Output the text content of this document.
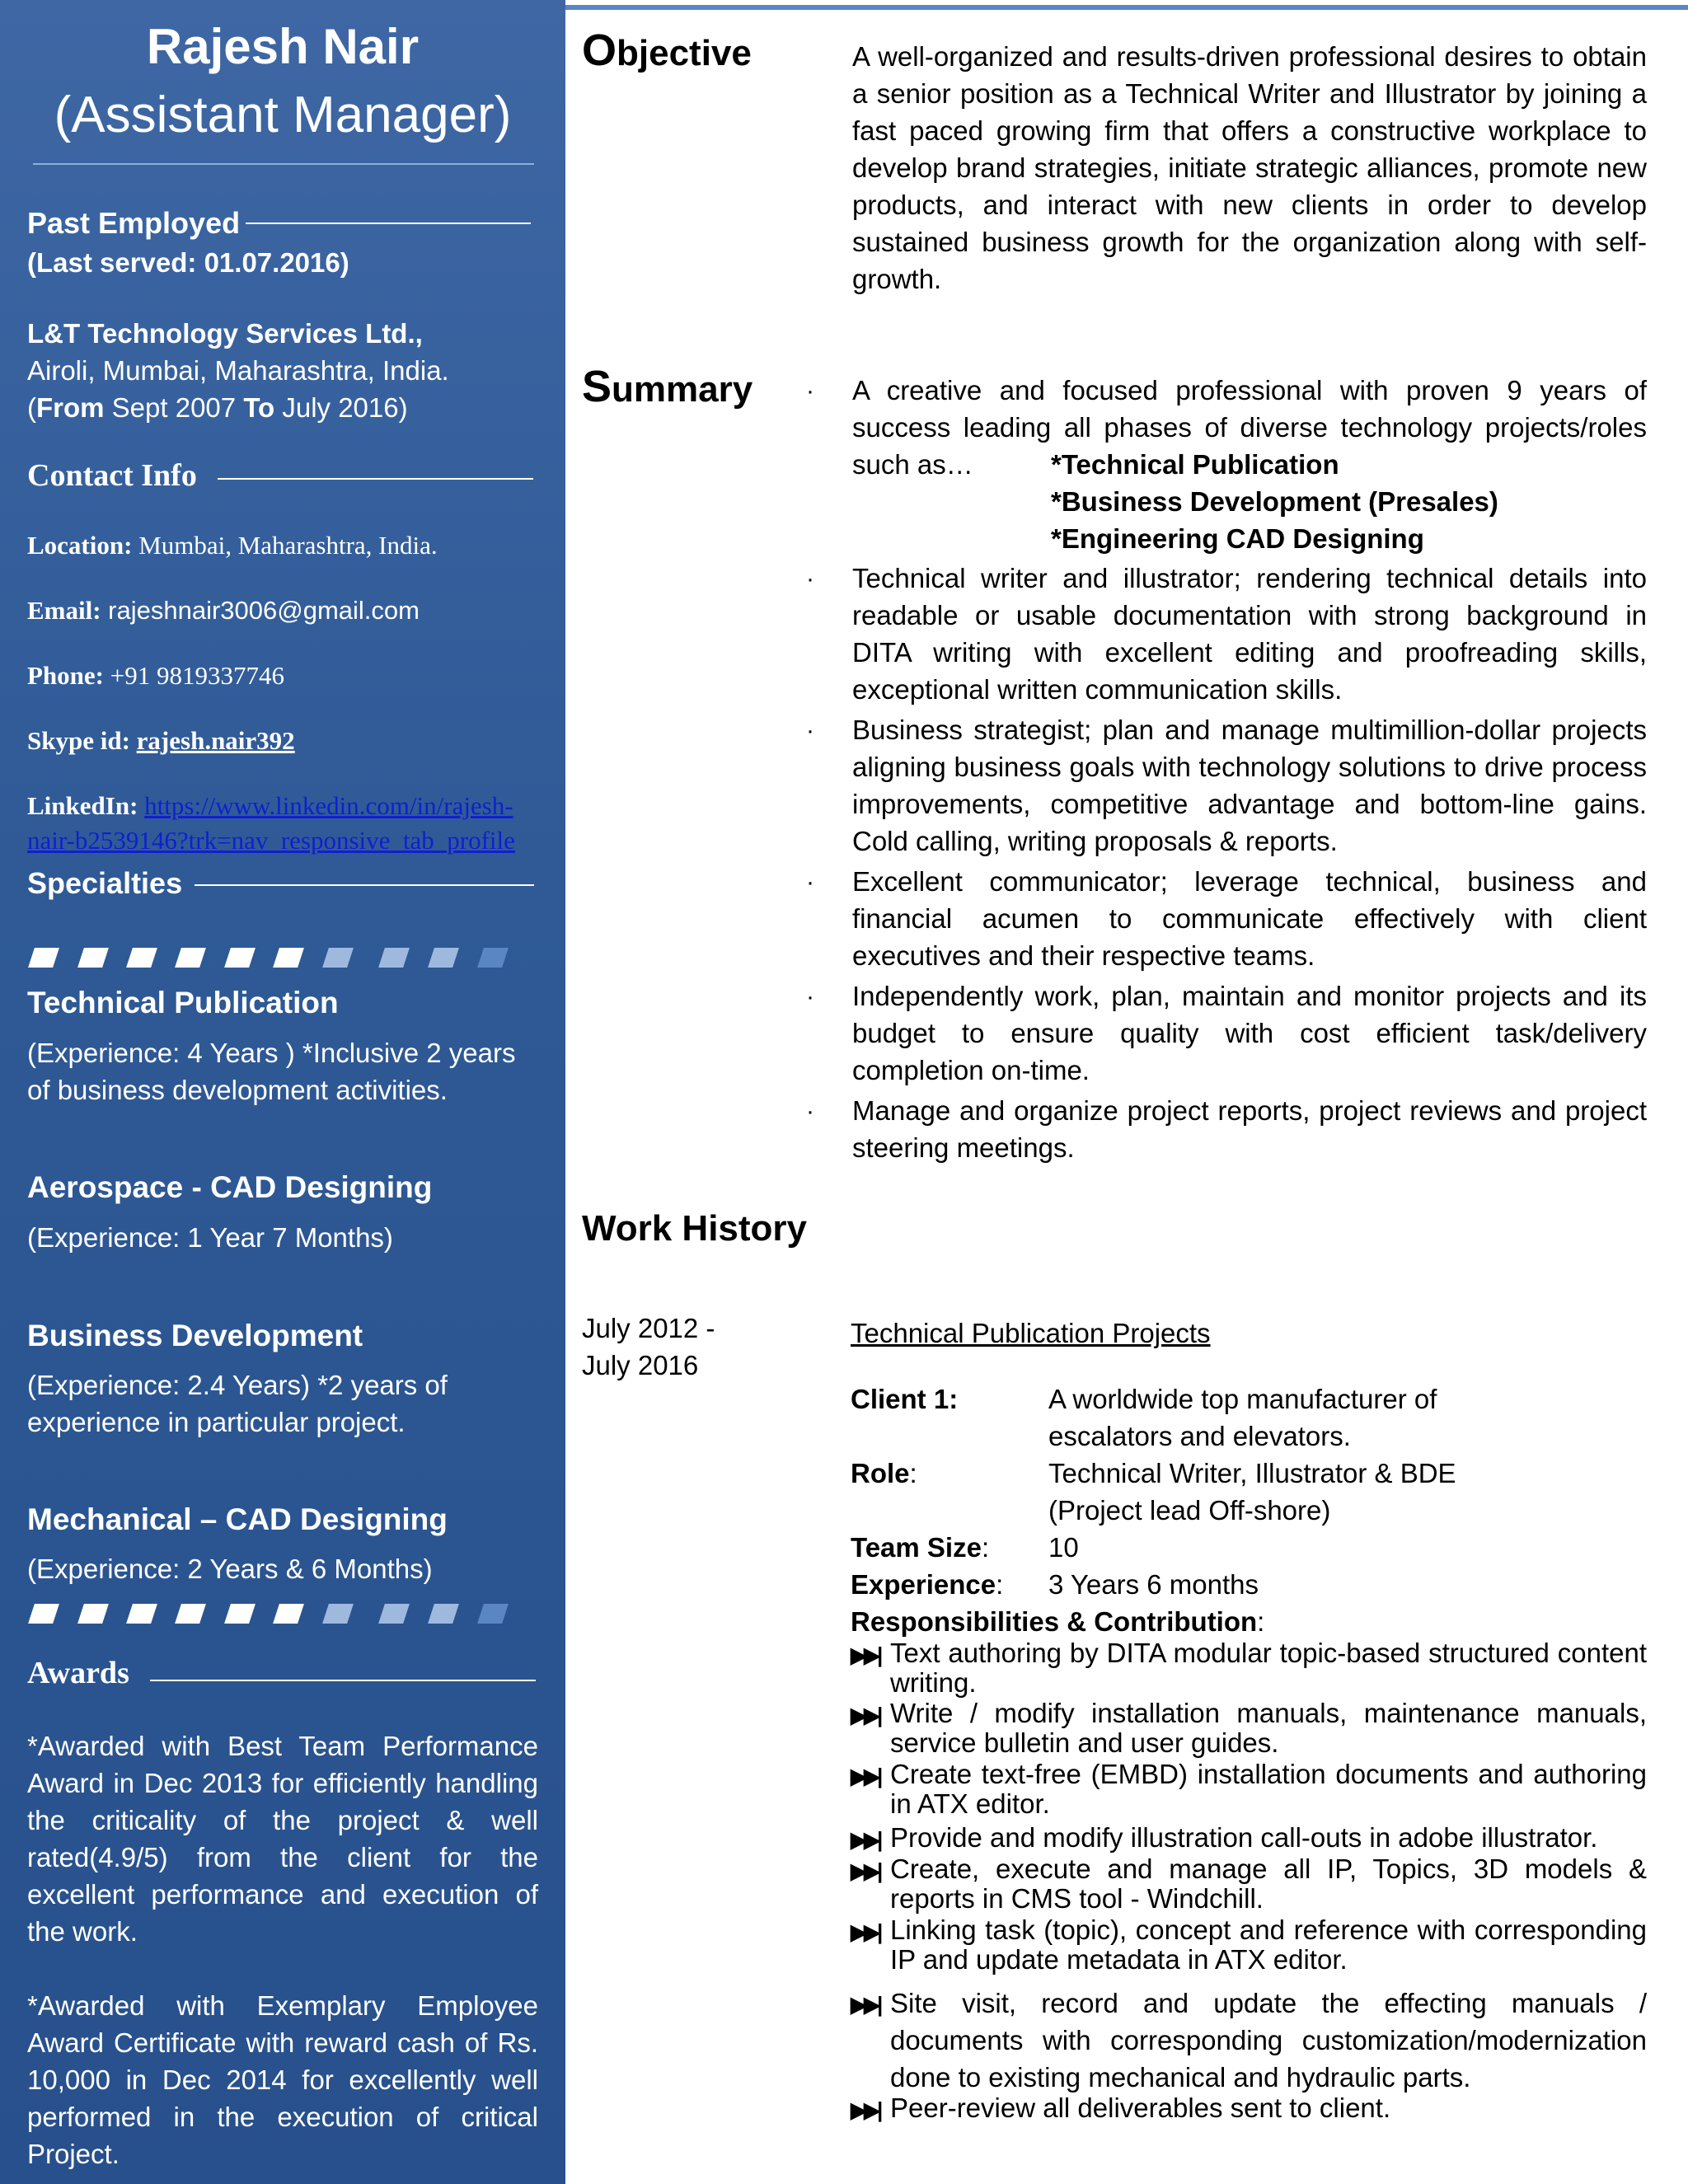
Rajesh Nair
(Assistant Manager)
Past Employed
(Last served: 01.07.2016)
L&T Technology Services Ltd.,
Airoli, Mumbai, Maharashtra, India.
(From Sept 2007 To July 2016)
Contact Info
Location: Mumbai, Maharashtra, India.
Email: rajeshnair3006@gmail.com
Phone: +91 9819337746
Skype id: rajesh.nair392
LinkedIn: https://www.linkedin.com/in/rajesh-
nair-b2539146?trk=nav_responsive_tab_profile
Specialties
Technical Publication
(Experience: 4 Years ) *Inclusive 2 years
of business development activities.
Aerospace - CAD Designing
(Experience: 1 Year 7 Months)
Business Development
(Experience: 2.4 Years) *2 years of
experience in particular project.
Mechanical – CAD Designing
(Experience: 2 Years & 6 Months)
Awards
*Awarded with Best Team Performance Award in Dec 2013 for efficiently handling the criticality of the project & well rated(4.9/5) from the client for the excellent performance and execution of the work.
*Awarded with Exemplary Employee Award Certificate with reward cash of Rs. 10,000 in Dec 2014 for excellently well performed in the execution of critical Project.
Objective	A well-organized and results-driven professional desires to obtain a senior position as a Technical Writer and Illustrator by joining a fast paced growing firm that offers a constructive workplace to develop brand strategies, initiate strategic alliances, promote new products, and interact with new clients in order to develop sustained business growth for the organization along with self-growth.
Summary · A creative and focused professional with proven 9 years of success leading all phases of diverse technology projects/roles such as…	*Technical Publication
*Business Development (Presales)
*Engineering CAD Designing
· Technical writer and illustrator; rendering technical details into readable or usable documentation with strong background in DITA writing with excellent editing and proofreading skills, exceptional written communication skills.
· Business strategist; plan and manage multimillion-dollar projects aligning business goals with technology solutions to drive process improvements, competitive advantage and bottom-line gains. Cold calling, writing proposals & reports.
· Excellent communicator; leverage technical, business and financial acumen to communicate effectively with client executives and their respective teams.
· Independently work, plan, maintain and monitor projects and its budget to ensure quality with cost efficient task/delivery completion on-time.
· Manage and organize project reports, project reviews and project steering meetings.
Work History
July 2012 -
July 2016
Technical Publication Projects
Client 1:	A worldwide top manufacturer of
escalators and elevators.
Role:	Technical Writer, Illustrator & BDE
(Project lead Off-shore)
Team Size: 10
Experience: 3 Years 6 months
Responsibilities & Contribution:
▶▶| Text authoring by DITA modular topic-based structured content writing.
▶▶| Write / modify installation manuals, maintenance manuals, service bulletin and user guides.
▶▶| Create text-free (EMBD) installation documents and authoring in ATX editor.
▶▶| Provide and modify illustration call-outs in adobe illustrator.
▶▶| Create, execute and manage all IP, Topics, 3D models & reports in CMS tool - Windchill.
▶▶| Linking task (topic), concept and reference with corresponding IP and update metadata in ATX editor.
▶▶| Site visit, record and update the effecting manuals / documents with corresponding customization/modernization done to existing mechanical and hydraulic parts.
▶▶| Peer-review all deliverables sent to client.
